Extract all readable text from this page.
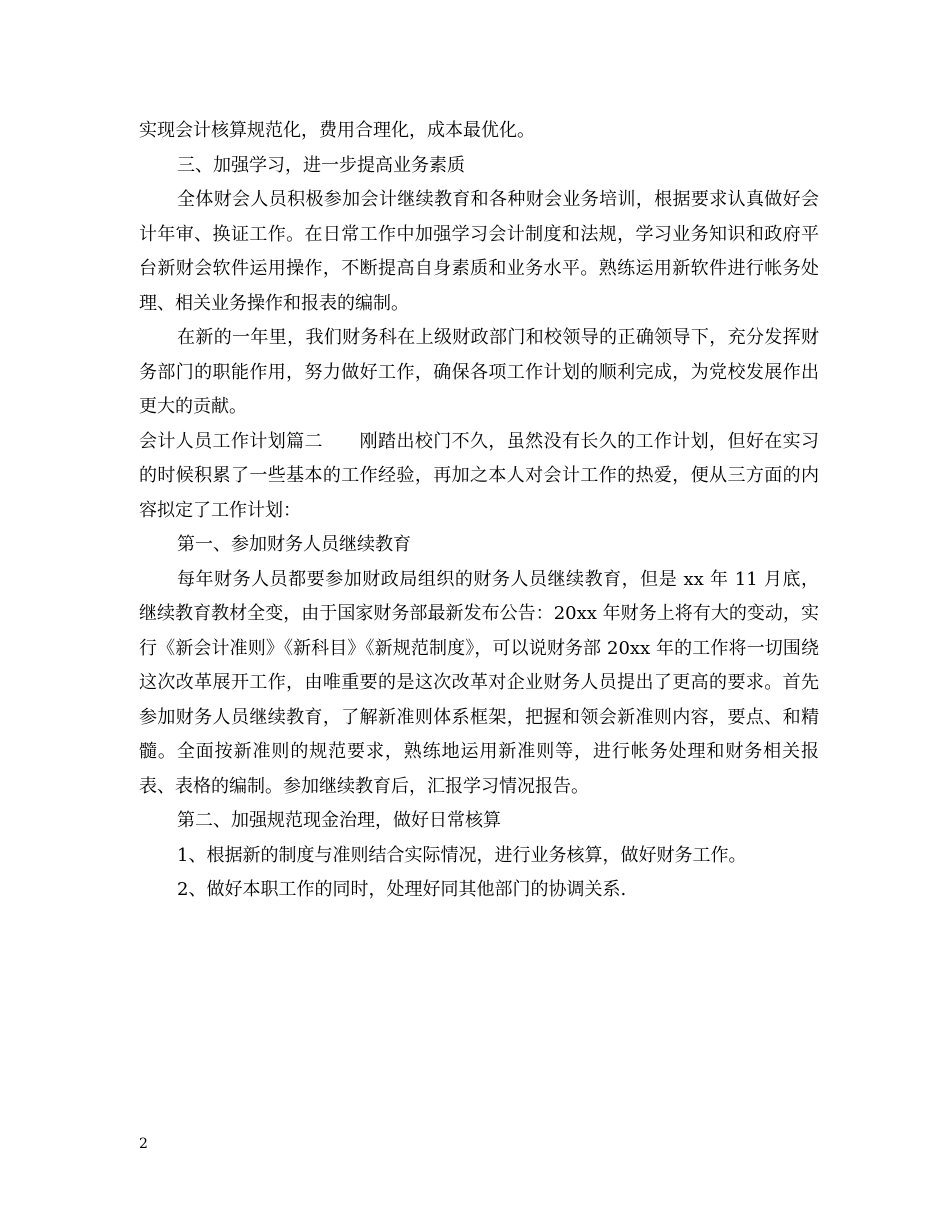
实现会计核算规范化，费用合理化，成本最优化。

三、加强学习，进一步提高业务素质

全体财会人员积极参加会计继续教育和各种财会业务培训，根据要求认真做好会计年审、换证工作。在日常工作中加强学习会计制度和法规，学习业务知识和政府平台新财会软件运用操作，不断提高自身素质和业务水平。熟练运用新软件进行帐务处理、相关业务操作和报表的编制。

在新的一年里，我们财务科在上级财政部门和校领导的正确领导下，充分发挥财务部门的职能作用，努力做好工作，确保各项工作计划的顺利完成，为党校发展作出更大的贡献。

会计人员工作计划篇二　　刚踏出校门不久，虽然没有长久的工作计划，但好在实习的时候积累了一些基本的工作经验，再加之本人对会计工作的热爱，便从三方面的内容拟定了工作计划：

第一、参加财务人员继续教育

每年财务人员都要参加财政局组织的财务人员继续教育，但是 xx 年 11 月底，继续教育教材全变，由于国家财务部最新发布公告：20xx 年财务上将有大的变动，实行《新会计准则》《新科目》《新规范制度》，可以说财务部 20xx 年的工作将一切围绕这次改革展开工作，由唯重要的是这次改革对企业财务人员提出了更高的要求。首先参加财务人员继续教育，了解新准则体系框架，把握和领会新准则内容，要点、和精髓。全面按新准则的规范要求，熟练地运用新准则等，进行帐务处理和财务相关报表、表格的编制。参加继续教育后，汇报学习情况报告。

第二、加强规范现金治理，做好日常核算

1、根据新的制度与准则结合实际情况，进行业务核算，做好财务工作。

2、做好本职工作的同时，处理好同其他部门的协调关系.

2
